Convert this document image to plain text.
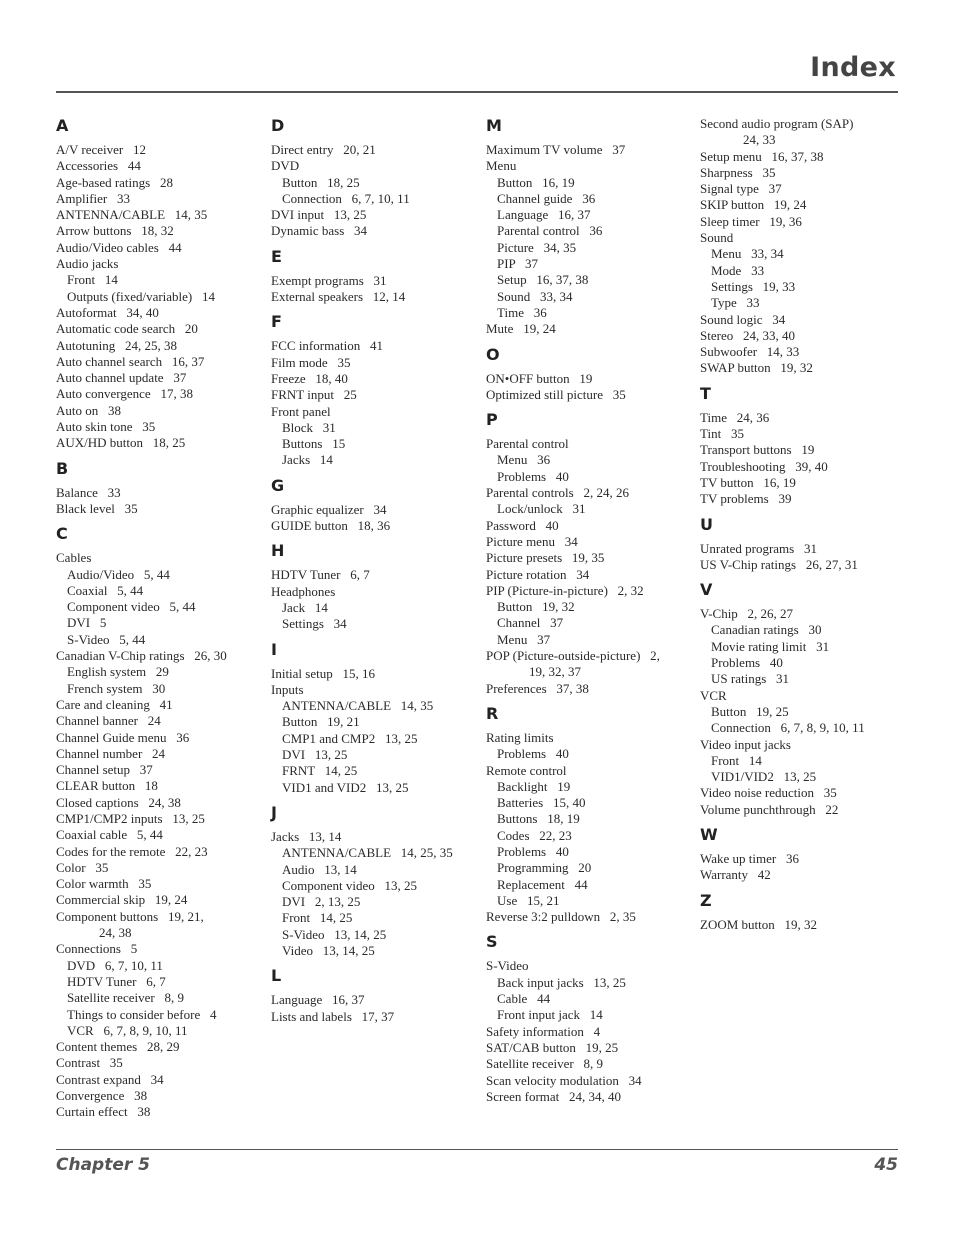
Index
A
A/V receiver   12
Accessories   44
Age-based ratings   28
Amplifier   33
ANTENNA/CABLE   14, 35
Arrow buttons   18, 32
Audio/Video cables   44
Audio jacks
Front   14
Outputs (fixed/variable)   14
Autoformat   34, 40
Automatic code search   20
Autotuning   24, 25, 38
Auto channel search   16, 37
Auto channel update   37
Auto convergence   17, 38
Auto on   38
Auto skin tone   35
AUX/HD button   18, 25
B
Balance   33
Black level   35
C
Cables
Audio/Video   5, 44
Coaxial   5, 44
Component video   5, 44
DVI   5
S-Video   5, 44
Canadian V-Chip ratings   26, 30
English system   29
French system   30
Care and cleaning   41
Channel banner   24
Channel Guide menu   36
Channel number   24
Channel setup   37
CLEAR button   18
Closed captions   24, 38
CMP1/CMP2 inputs   13, 25
Coaxial cable   5, 44
Codes for the remote   22, 23
Color   35
Color warmth   35
Commercial skip   19, 24
Component buttons   19, 21,
24, 38
Connections   5
DVD   6, 7, 10, 11
HDTV Tuner   6, 7
Satellite receiver   8, 9
Things to consider before   4
VCR   6, 7, 8, 9, 10, 11
Content themes   28, 29
Contrast   35
Contrast expand   34
Convergence   38
Curtain effect   38
D
Direct entry   20, 21
DVD
Button   18, 25
Connection   6, 7, 10, 11
DVI input   13, 25
Dynamic bass   34
E
Exempt programs   31
External speakers   12, 14
F
FCC information   41
Film mode   35
Freeze   18, 40
FRNT input   25
Front panel
Block   31
Buttons   15
Jacks   14
G
Graphic equalizer   34
GUIDE button   18, 36
H
HDTV Tuner   6, 7
Headphones
Jack   14
Settings   34
I
Initial setup   15, 16
Inputs
ANTENNA/CABLE   14, 35
Button   19, 21
CMP1 and CMP2   13, 25
DVI   13, 25
FRNT   14, 25
VID1 and VID2   13, 25
J
Jacks   13, 14
ANTENNA/CABLE   14, 25, 35
Audio   13, 14
Component video   13, 25
DVI   2, 13, 25
Front   14, 25
S-Video   13, 14, 25
Video   13, 14, 25
L
Language   16, 37
Lists and labels   17, 37
M
Maximum TV volume   37
Menu
Button   16, 19
Channel guide   36
Language   16, 37
Parental control   36
Picture   34, 35
PIP   37
Setup   16, 37, 38
Sound   33, 34
Time   36
Mute   19, 24
O
ON•OFF button   19
Optimized still picture   35
P
Parental control
Menu   36
Problems   40
Parental controls   2, 24, 26
Lock/unlock   31
Password   40
Picture menu   34
Picture presets   19, 35
Picture rotation   34
PIP (Picture-in-picture)   2, 32
Button   19, 32
Channel   37
Menu   37
POP (Picture-outside-picture)   2,
19, 32, 37
Preferences   37, 38
R
Rating limits
Problems   40
Remote control
Backlight   19
Batteries   15, 40
Buttons   18, 19
Codes   22, 23
Problems   40
Programming   20
Replacement   44
Use   15, 21
Reverse 3:2 pulldown   2, 35
S
S-Video
Back input jacks   13, 25
Cable   44
Front input jack   14
Safety information   4
SAT/CAB button   19, 25
Satellite receiver   8, 9
Scan velocity modulation   34
Screen format   24, 34, 40
Second audio program (SAP)
24, 33
Setup menu   16, 37, 38
Sharpness   35
Signal type   37
SKIP button   19, 24
Sleep timer   19, 36
Sound
Menu   33, 34
Mode   33
Settings   19, 33
Type   33
Sound logic   34
Stereo   24, 33, 40
Subwoofer   14, 33
SWAP button   19, 32
T
Time   24, 36
Tint   35
Transport buttons   19
Troubleshooting   39, 40
TV button   16, 19
TV problems   39
U
Unrated programs   31
US V-Chip ratings   26, 27, 31
V
V-Chip   2, 26, 27
Canadian ratings   30
Movie rating limit   31
Problems   40
US ratings   31
VCR
Button   19, 25
Connection   6, 7, 8, 9, 10, 11
Video input jacks
Front   14
VID1/VID2   13, 25
Video noise reduction   35
Volume punchthrough   22
W
Wake up timer   36
Warranty   42
Z
ZOOM button   19, 32
Chapter 5	45
